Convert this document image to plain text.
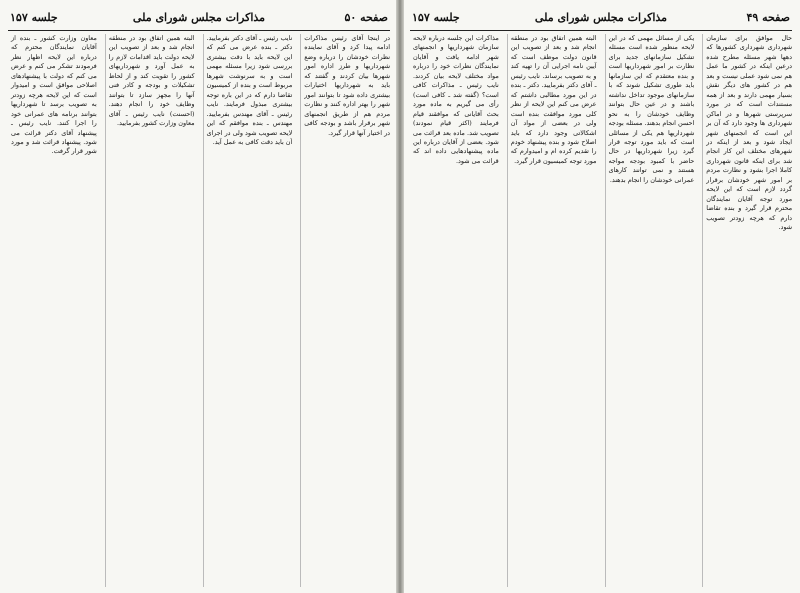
صفحه ۴۹
مذاکرات مجلس شورای ملی
جلسه ۱۵۷

حال موافق برای سازمان شهرداری شهرداری کشورها که دهها شهر مسئله مطرح شده درعین اینکه در کشور ما عمل هم نمی شود عملی نیست و بعد هم در کشور های دیگر نقش بسیار مهمی دارند و بعد از همه مستندات است که در مورد سرپرستی شهرها و در اماکن شهرداری ها وجود دارد که آن بر این است که انجمنهای شهر ایجاد شود و بعد از اینکه در شهرهای مختلف این کار انجام شد برای اینکه قانون شهرداری کاملا اجرا بشود و نظارت مردم بر امور شهر خودشان برقرار گردد لازم است که این لایحه مورد توجه آقایان نمایندگان محترم قرار گیرد و بنده تقاضا دارم که هرچه زودتر تصویب شود.

یکی از مسائل مهمی که در این لایحه منظور شده است مسئله تشکیل سازمانهای جدید برای نظارت بر امور شهرداریها است و بنده معتقدم که این سازمانها باید طوری تشکیل شوند که با سازمانهای موجود تداخل نداشته باشند و در عین حال بتوانند وظایف خودشان را به نحو احسن انجام بدهند. مسئله بودجه شهرداریها هم یکی از مسائلی است که باید مورد توجه قرار گیرد زیرا شهرداریها در حال حاضر با کمبود بودجه مواجه هستند و نمی توانند کارهای عمرانی خودشان را انجام بدهند.

البته همین اتفاق بود در منطقه انجام شد و بعد از تصویب این قانون دولت موظف است که آیین نامه اجرایی آن را تهیه کند و به تصویب برساند. نایب رئیس ـ آقای دکتر بفرمایید. دکتر ـ بنده در این مورد مطالبی داشتم که عرض می کنم این لایحه از نظر کلی مورد موافقت بنده است ولی در بعضی از مواد آن اشکالاتی وجود دارد که باید اصلاح شود و بنده پیشنهاد خودم را تقدیم کرده ام و امیدوارم که مورد توجه کمیسیون قرار گیرد.

مذاکرات این جلسه درباره لایحه سازمان شهرداریها و انجمنهای شهر ادامه یافت و آقایان نمایندگان نظرات خود را درباره مواد مختلف لایحه بیان کردند. نایب رئیس ـ مذاکرات کافی است؟ (گفته شد ـ کافی است) رأی می گیریم به ماده مورد بحث آقایانی که موافقند قیام فرمایند (اکثر قیام نمودند) تصویب شد. ماده بعد قرائت می شود. بعضی از آقایان درباره این ماده پیشنهادهایی داده اند که قرائت می شود.

صفحه ۵۰
مذاکرات مجلس شورای ملی
جلسه ۱۵۷

در اینجا آقای رئیس مذاکرات ادامه پیدا کرد و آقای نماینده نظرات خودشان را درباره وضع شهرداریها و طرز اداره امور شهرها بیان کردند و گفتند که باید به شهرداریها اختیارات بیشتری داده شود تا بتوانند امور شهر را بهتر اداره کنند و نظارت مردم هم از طریق انجمنهای شهر برقرار باشد و بودجه کافی در اختیار آنها قرار گیرد.

نایب رئیس ـ آقای دکتر بفرمایید. دکتر ـ بنده عرض می کنم که این لایحه باید با دقت بیشتری بررسی شود زیرا مسئله مهمی است و به سرنوشت شهرها مربوط است و بنده از کمیسیون تقاضا دارم که در این باره توجه بیشتری مبذول فرمایند. نایب رئیس ـ آقای مهندس بفرمایید. مهندس ـ بنده موافقم که این لایحه تصویب شود ولی در اجرای آن باید دقت کافی به عمل آید.

البته همین اتفاق بود در منطقه انجام شد و بعد از تصویب این لایحه دولت باید اقدامات لازم را به عمل آورد و شهرداریهای کشور را تقویت کند و از لحاظ تشکیلات و بودجه و کادر فنی آنها را مجهز سازد تا بتوانند وظایف خود را انجام دهند. (احسنت) نایب رئیس ـ آقای معاون وزارت کشور بفرمایید.

معاون وزارت کشور ـ بنده از آقایان نمایندگان محترم که درباره این لایحه اظهار نظر فرمودند تشکر می کنم و عرض می کنم که دولت با پیشنهادهای اصلاحی موافق است و امیدوار است که این لایحه هرچه زودتر به تصویب برسد تا شهرداریها بتوانند برنامه های عمرانی خود را اجرا کنند. نایب رئیس ـ پیشنهاد آقای دکتر قرائت می شود. پیشنهاد قرائت شد و مورد شور قرار گرفت.
